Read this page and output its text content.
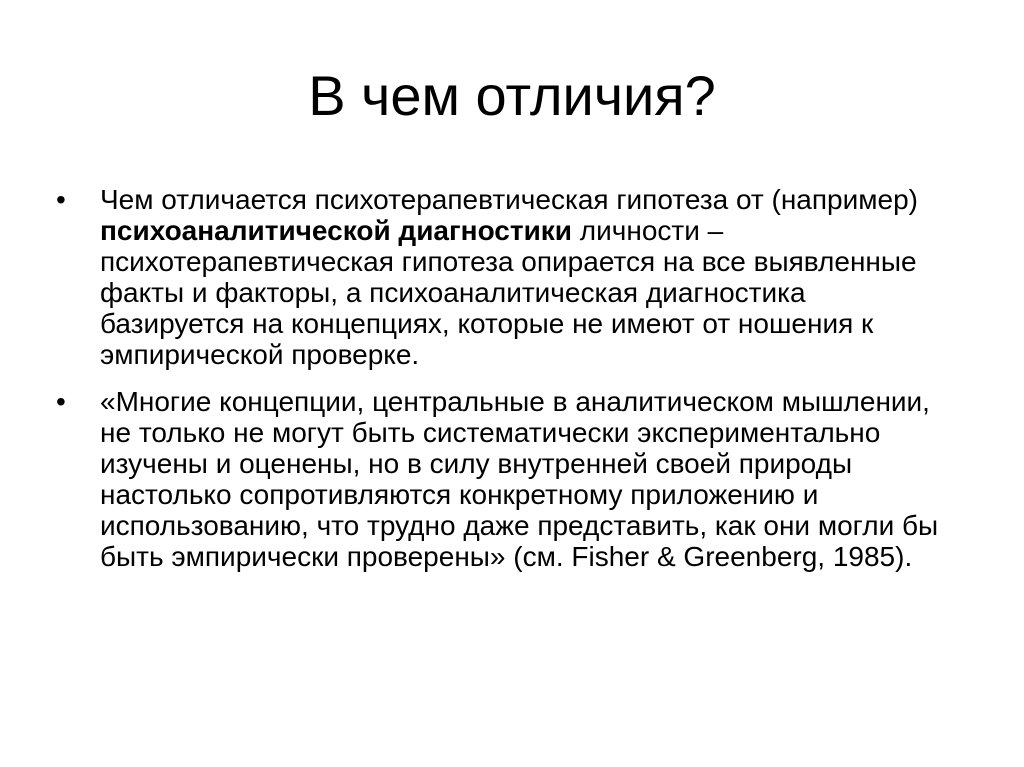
В чем отличия?
•	Чем отличается психотерапевтическая гипотеза от (например) психоаналитической диагностики личности – психотерапевтическая гипотеза опирается на все выявленные факты и факторы, а психоаналитическая диагностика базируется на концепциях, которые не имеют от ношения к эмпирической проверке.
•	«Многие концепции, центральные в аналитическом мышлении, не только не могут быть систематически экспериментально изучены и оценены, но в силу внутренней своей природы настолько сопротивляются конкретному приложению и использованию, что трудно даже представить, как они могли бы быть эмпирически проверены» (см. Fisher & Greenberg, 1985).
